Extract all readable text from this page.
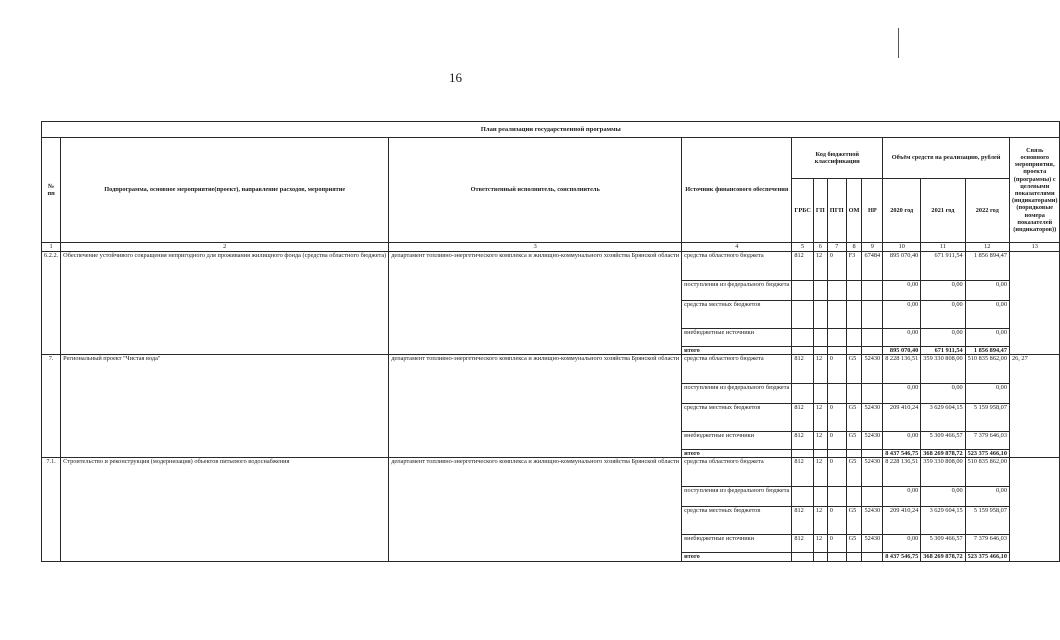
16
План реализации государственной программы												
№ пп	Подпрограмма, основное мероприятие(проект), направление расходов, мероприятие	Ответственный исполнитель, соисполнитель	Источник финансового обеспечения	Код бюджетной классификации					Объём средств на реализацию, рублей			Связь основного мероприятия, проекта (программы) с целевыми показателями (индикаторами) (порядковые номера показателей (индикаторов))
				ГРБС	ГП	ПГП	ОМ	НР	2020 год	2021 год	2022 год	
1	2	3	4	5	6	7	8	9	10	11	12	13
6.2.2.	Обеспечение устойчивого сокращения непригодного для проживания жилищного фонда (средства областного бюджета)	департамент топливно-энергетического комплекса и жилищно-коммунального хозяйства Брянской области	средства областного бюджета	812	12	0	F3	67484	895 070,40	671 911,54	1 856 894,47	
			поступления из федерального бюджета						0,00	0,00	0,00	
			средства местных бюджетов						0,00	0,00	0,00	
			внебюджетные источники						0,00	0,00	0,00	
			итого						895 070,40	671 911,54	1 856 894,47	
7.	Региональный проект "Чистая вода"	департамент топливно-энергетического комплекса и жилищно-коммунального хозяйства Брянской области	средства областного бюджета	812	12	0	G5	52430	8 228 136,51	359 330 808,00	510 835 862,00	26, 27
			поступления из федерального бюджета						0,00	0,00	0,00	
			средства местных бюджетов	812	12	0	G5	52430	209 410,24	3 629 604,15	5 159 958,07	
			внебюджетные источники	812	12	0	G5	52430	0,00	5 309 466,57	7 379 646,03	
			итого						8 437 546,75	368 269 878,72	523 375 466,10	
7.1.	Строительство и реконструкция (модернизация) объектов питьевого водоснабжения	департамент топливно-энергетического комплекса и жилищно-коммунального хозяйства Брянской области	средства областного бюджета	812	12	0	G5	52430	8 228 136,51	359 330 808,00	510 835 862,00	
			поступления из федерального бюджета						0,00	0,00	0,00	
			средства местных бюджетов	812	12	0	G5	52430	209 410,24	3 629 604,15	5 159 958,07	
			внебюджетные источники	812	12	0	G5	52430	0,00	5 309 466,57	7 379 646,03	
			итого						8 437 546,75	368 269 878,72	523 375 466,10	
